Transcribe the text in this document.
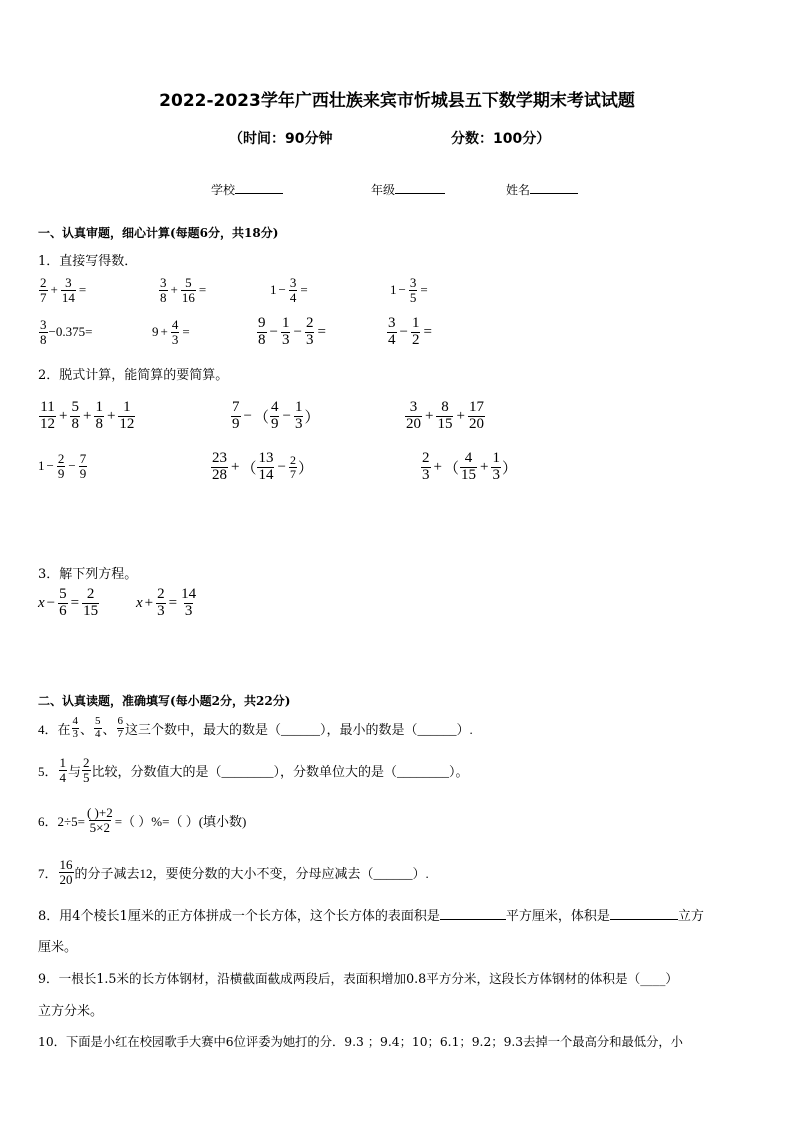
2022-2023学年广西壮族来宾市忻城县五下数学期末考试试题
（时间：90分钟	分数：100分）
学校	年级	姓名
一、认真审题，细心计算(每题6分，共18分)
1．直接写得数．
2
$7 + \frac{3}{14}$ =	3
$8 + \frac{5}{16}$ =	$1 - \frac{3}{4}$ =	$1 - \frac{3}{5}$ =
3
8 −0.375=	$9 + \frac{4}{3}$ =
9
$8 - \frac{1}{3} - \frac{2}{3}$ =
3
$4 - \frac{1}{2}$ =
2．脱式计算，能简算的要简算。
11
$12 + \frac{5}{8} + \frac{1}{8} + \frac{1}{12}$	7
9 − （
4
$9 - \frac{1}{3}$ ）
3
$20 + \frac{8}{15} + \frac{17}{20}$
$1 - \frac{2}{9} - \frac{7}{9}$	23
28 + （
13
$14 - \frac{2}{7}$ ）
2
3 + （
4
$15 + \frac{1}{3}$ ）
3．解下列方程。
$x - \frac{5}{6} = \frac{2}{15}$ $x + \frac{2}{3} = \frac{14}{3}$
二、认真读题，准确填写(每小题2分，共22分)
4．在
4
3 、
5
4 、
6
7 这三个数中，最大的数是（______），最小的数是（______）.
5．
1
4 与
2
5 比较，分数值大的是（________），分数单位大的是（________）。
6．$2\div 5= \frac{( )+2}{5\times 2}$ =（ ）%=（ ）(填小数)
7．
16
20 的分子减去12，要使分数的大小不变，分母应减去（______）.
8．用4个棱长1厘米的正方体拼成一个长方体，这个长方体的表面积是	平方厘米，体积是	立方
厘米。
9．一根长1.5米的长方体钢材，沿横截面截成两段后，表面积增加0.8平方分米，这段长方体钢材的体积是（____）
立方分米。
10．下面是小红在校园歌手大赛中6位评委为她打的分．9.3 ；9.4；10；6.1；9.2；9.3去掉一个最高分和最低分，小
